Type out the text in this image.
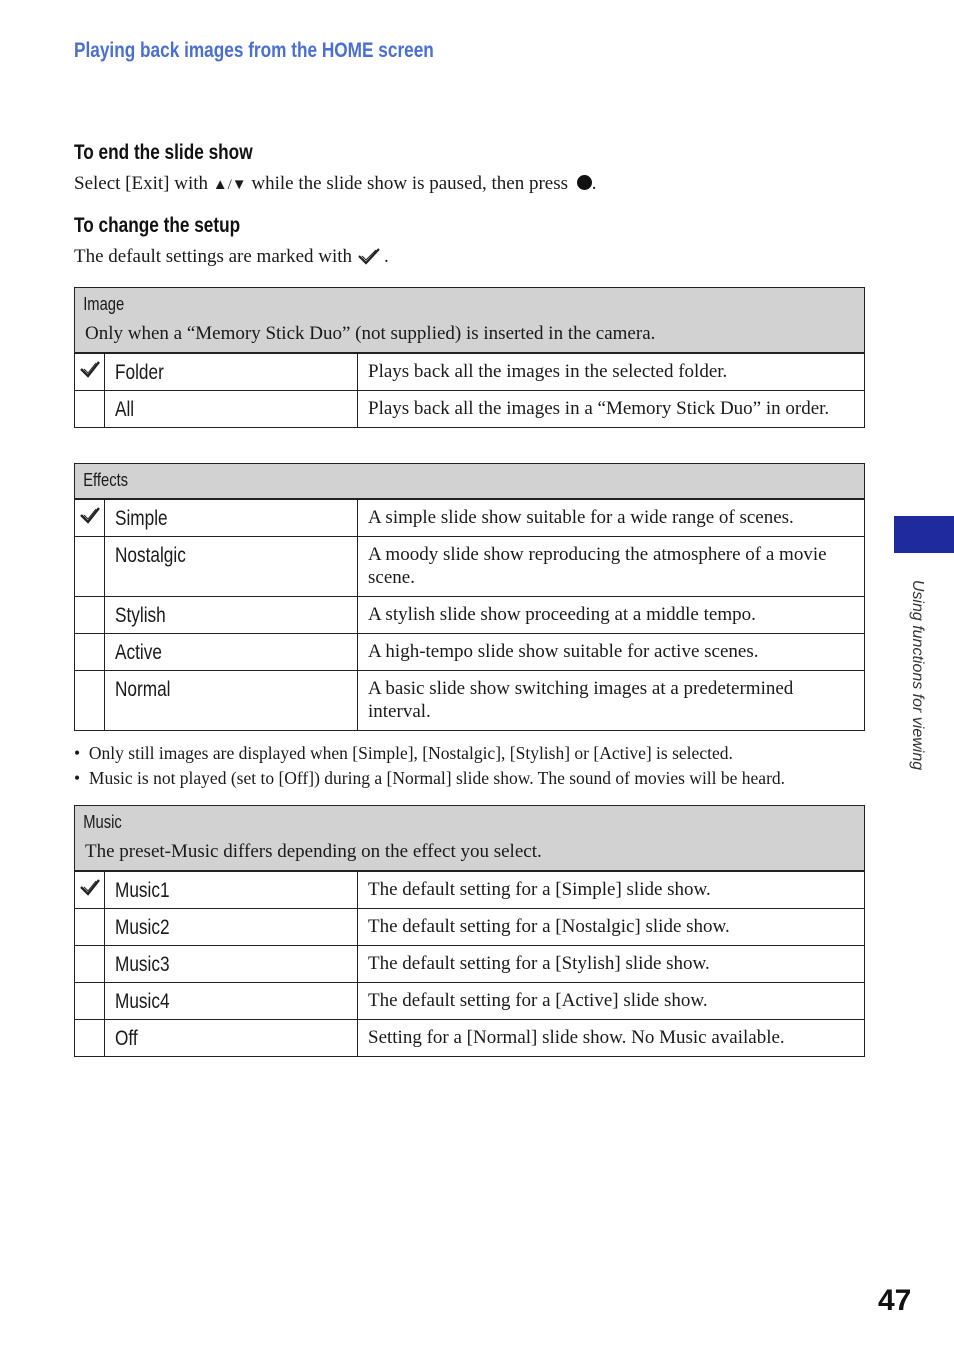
Playing back images from the HOME screen
To end the slide show
Select [Exit] with ▲/▼ while the slide show is paused, then press .
To change the setup
The default settings are marked with .
Image
Only when a “Memory Stick Duo” (not supplied) is inserted in the camera.		

	Folder	Plays back all the images in the selected folder.
	All	Plays back all the images in a “Memory Stick Duo” in order.
Effects		

	Simple	A simple slide show suitable for a wide range of scenes.
	Nostalgic	A moody slide show reproducing the atmosphere of a movie scene.
	Stylish	A stylish slide show proceeding at a middle tempo.
	Active	A high-tempo slide show suitable for active scenes.
	Normal	A basic slide show switching images at a predetermined interval.
•  Only still images are displayed when [Simple], [Nostalgic], [Stylish] or [Active] is selected.
•  Music is not played (set to [Off]) during a [Normal] slide show. The sound of movies will be heard.
Music
The preset-Music differs depending on the effect you select.		

	Music1	The default setting for a [Simple] slide show.
	Music2	The default setting for a [Nostalgic] slide show.
	Music3	The default setting for a [Stylish] slide show.
	Music4	The default setting for a [Active] slide show.
	Off	Setting for a [Normal] slide show. No Music available.
Using functions for viewing
47
